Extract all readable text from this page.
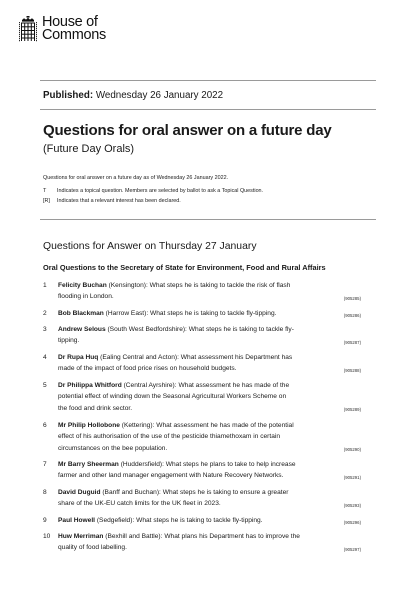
House of
Commons
Published: Wednesday 26 January 2022
Questions for oral answer on a future day
(Future Day Orals)
Questions for oral answer on a future day as of Wednesday 26 January 2022.
T	Indicates a topical question. Members are selected by ballot to ask a Topical Question.
[R]	Indicates that a relevant interest has been declared.
Questions for Answer on Thursday 27 January
Oral Questions to the Secretary of State for Environment, Food and Rural Affairs
1	Felicity Buchan (Kensington): What steps he is taking to tackle the risk of flash
flooding in London.	(905285)
2	Bob Blackman (Harrow East): What steps he is taking to tackle fly-tipping.	(905286)
3	Andrew Selous (South West Bedfordshire): What steps he is taking to tackle fly-
tipping.	(905287)
4	Dr Rupa Huq (Ealing Central and Acton): What assessment his Department has
made of the impact of food price rises on household budgets.	(905288)
5	Dr Philippa Whitford (Central Ayrshire): What assessment he has made of the
potential effect of winding down the Seasonal Agricultural Workers Scheme on
the food and drink sector.	(905289)
6	Mr Philip Hollobone (Kettering): What assessment he has made of the potential
effect of his authorisation of the use of the pesticide thiamethoxam in certain
circumstances on the bee population.	(905290)
7	Mr Barry Sheerman (Huddersfield): What steps he plans to take to help increase
farmer and other land manager engagement with Nature Recovery Networks.	(905291)
8	David Duguid (Banff and Buchan): What steps he is taking to ensure a greater
share of the UK-EU catch limits for the UK fleet in 2023.	(905293)
9	Paul Howell (Sedgefield): What steps he is taking to tackle fly-tipping.	(905296)
10	Huw Merriman (Bexhill and Battle): What plans his Department has to improve the
quality of food labelling.	(905297)
